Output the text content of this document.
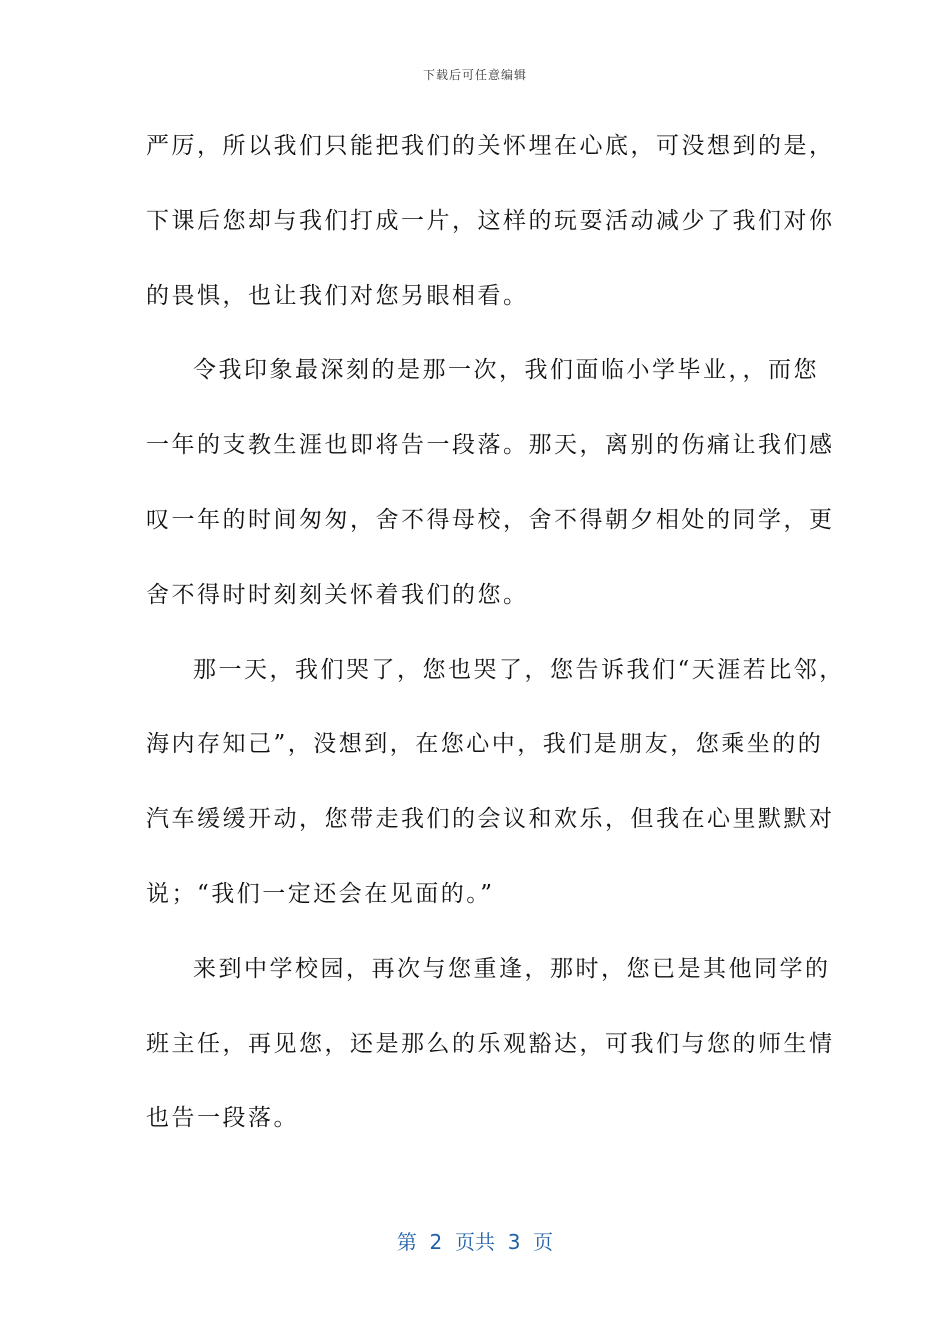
下载后可任意编辑
严厉，所以我们只能把我们的关怀埋在心底，可没想到的是，
下课后您却与我们打成一片，这样的玩耍活动减少了我们对你
的畏惧，也让我们对您另眼相看。
令我印象最深刻的是那一次，我们面临小学毕业，，而您
一年的支教生涯也即将告一段落。那天，离别的伤痛让我们感
叹一年的时间匆匆，舍不得母校，舍不得朝夕相处的同学，更
舍不得时时刻刻关怀着我们的您。
那一天，我们哭了，您也哭了，您告诉我们“天涯若比邻，
海内存知己”，没想到，在您心中，我们是朋友，您乘坐的的
汽车缓缓开动，您带走我们的会议和欢乐，但我在心里默默对
说；“我们一定还会在见面的。”
来到中学校园，再次与您重逢，那时，您已是其他同学的
班主任，再见您，还是那么的乐观豁达，可我们与您的师生情
也告一段落。
第  2  页共  3  页
